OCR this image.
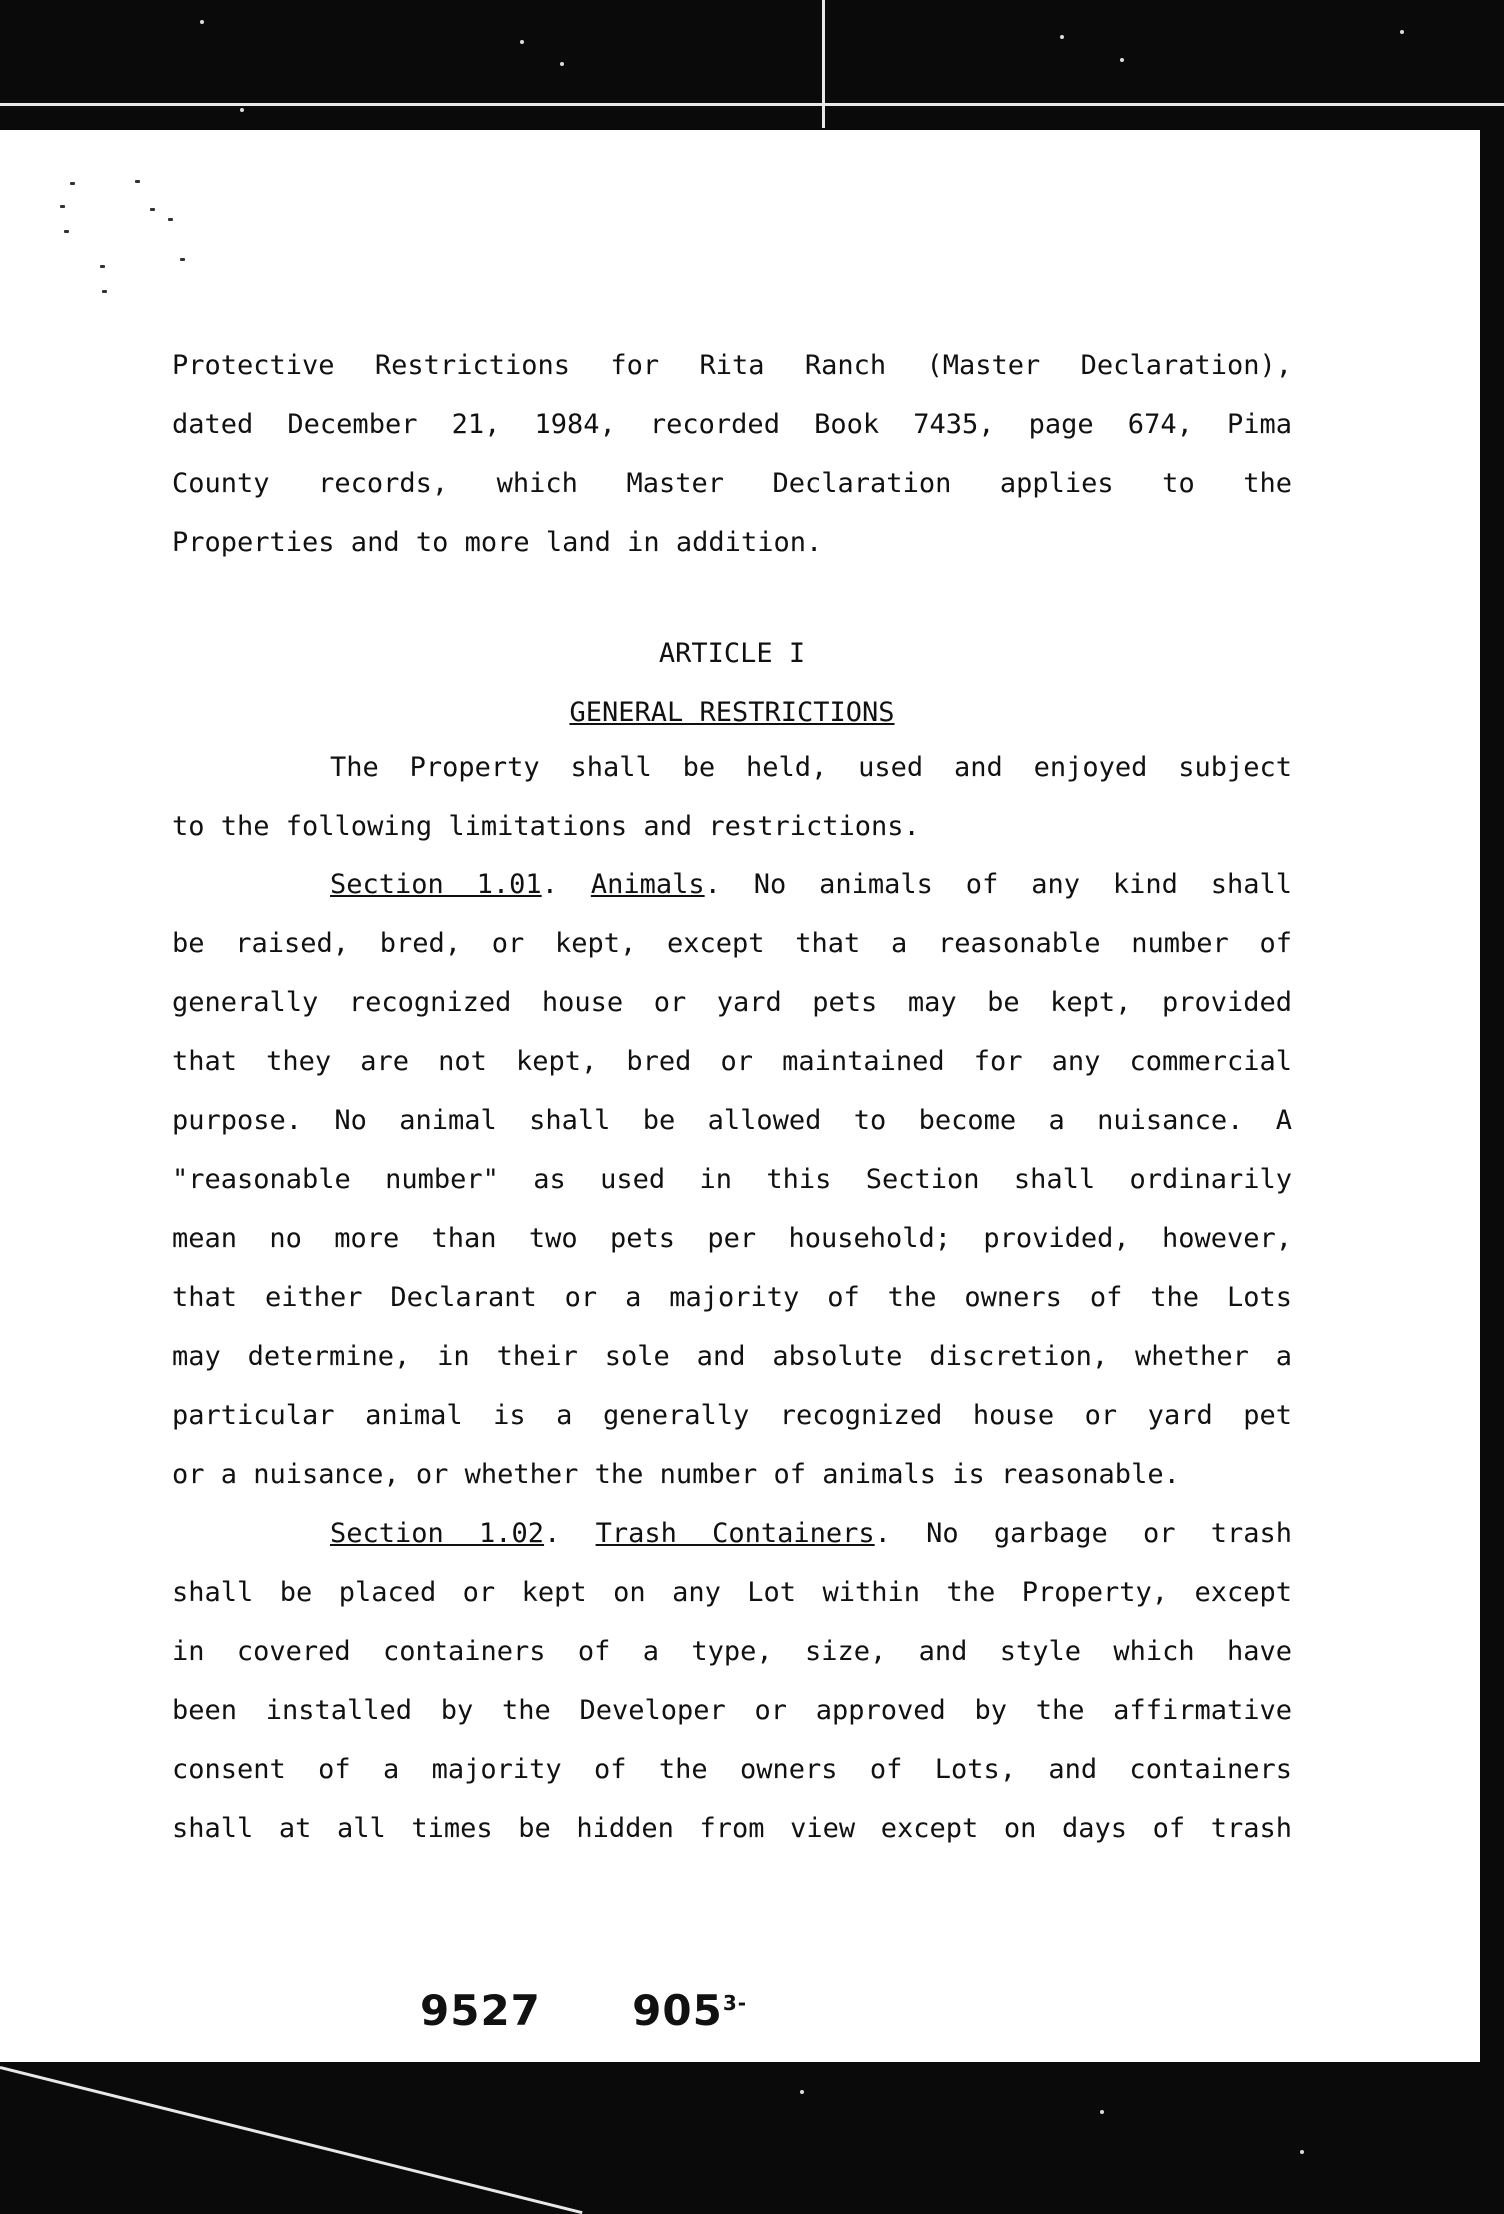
Protective Restrictions for Rita Ranch (Master Declaration),
dated December 21, 1984, recorded Book 7435, page 674, Pima
County records, which Master Declaration applies to the
Properties and to more land in addition.
ARTICLE I
GENERAL RESTRICTIONS
The Property shall be held, used and enjoyed subject
to the following limitations and restrictions.
Section 1.01. Animals. No animals of any kind shall
be raised, bred, or kept, except that a reasonable number of
generally recognized house or yard pets may be kept, provided
that they are not kept, bred or maintained for any commercial
purpose. No animal shall be allowed to become a nuisance. A
"reasonable number" as used in this Section shall ordinarily
mean no more than two pets per household; provided, however,
that either Declarant or a majority of the owners of the Lots
may determine, in their sole and absolute discretion, whether a
particular animal is a generally recognized house or yard pet
or a nuisance, or whether the number of animals is reasonable.
Section 1.02. Trash Containers. No garbage or trash
shall be placed or kept on any Lot within the Property, except
in covered containers of a type, size, and style which have
been installed by the Developer or approved by the affirmative
consent of a majority of the owners of Lots, and containers
shall at all times be hidden from view except on days of trash
9527 $905^{3-}$
